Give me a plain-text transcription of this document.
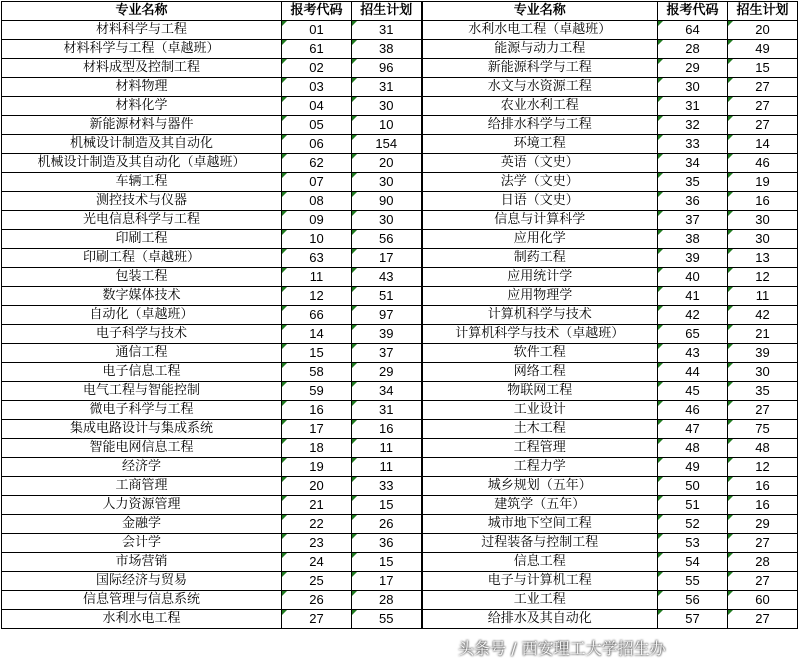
专业名称	报考代码	招生计划	专业名称	报考代码	招生计划
材料科学与工程	01	31	水利水电工程（卓越班）	64	20
材料科学与工程（卓越班）	61	38	能源与动力工程	28	49
材料成型及控制工程	02	96	新能源科学与工程	29	15
材料物理	03	31	水文与水资源工程	30	27
材料化学	04	30	农业水利工程	31	27
新能源材料与器件	05	10	给排水科学与工程	32	27
机械设计制造及其自动化	06	154	环境工程	33	14
机械设计制造及其自动化（卓越班）	62	20	英语（文史）	34	46
车辆工程	07	30	法学（文史）	35	19
测控技术与仪器	08	90	日语（文史）	36	16
光电信息科学与工程	09	30	信息与计算科学	37	30
印刷工程	10	56	应用化学	38	30
印刷工程（卓越班）	63	17	制药工程	39	13
包装工程	11	43	应用统计学	40	12
数字媒体技术	12	51	应用物理学	41	11
自动化（卓越班）	66	97	计算机科学与技术	42	42
电子科学与技术	14	39	计算机科学与技术（卓越班）	65	21
通信工程	15	37	软件工程	43	39
电子信息工程	58	29	网络工程	44	30
电气工程与智能控制	59	34	物联网工程	45	35
微电子科学与工程	16	31	工业设计	46	27
集成电路设计与集成系统	17	16	土木工程	47	75
智能电网信息工程	18	11	工程管理	48	48
经济学	19	11	工程力学	49	12
工商管理	20	33	城乡规划（五年）	50	16
人力资源管理	21	15	建筑学（五年）	51	16
金融学	22	26	城市地下空间工程	52	29
会计学	23	36	过程装备与控制工程	53	27
市场营销	24	15	信息工程	54	28
国际经济与贸易	25	17	电子与计算机工程	55	27
信息管理与信息系统	26	28	工业工程	56	60
水利水电工程	27	55	给排水及其自动化	57	27
头条号 / 西安理工大学招生办
